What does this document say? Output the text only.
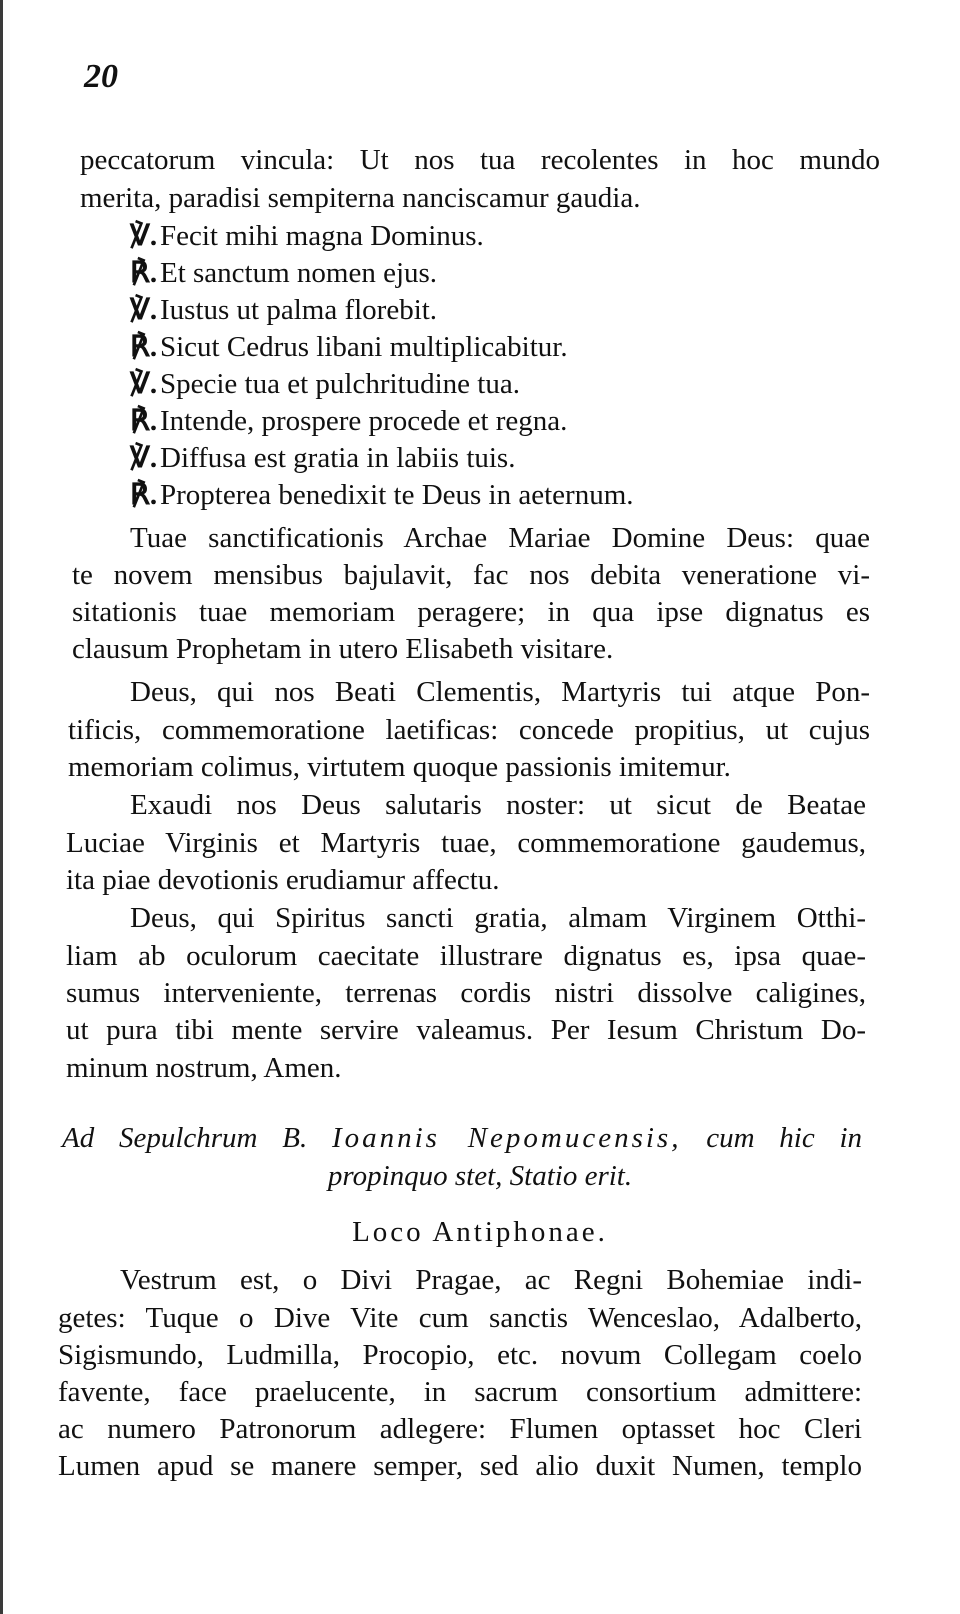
20
peccatorum vincula: Ut nos tua recolentes in hoc mundo
merita, paradisi sempiterna nanciscamur gaudia.
℣. Fecit mihi magna Dominus.
℟. Et sanctum nomen ejus.
℣. Iustus ut palma florebit.
℟. Sicut Cedrus libani multiplicabitur.
℣. Specie tua et pulchritudine tua.
℟. Intende, prospere procede et regna.
℣. Diffusa est gratia in labiis tuis.
℟. Propterea benedixit te Deus in aeternum.
Tuae sanctificationis Archae Mariae Domine Deus: quae
te novem mensibus bajulavit, fac nos debita veneratione vi-
sitationis tuae memoriam peragere; in qua ipse dignatus es
clausum Prophetam in utero Elisabeth visitare.
Deus, qui nos Beati Clementis, Martyris tui atque Pon-
tificis, commemoratione laetificas: concede propitius, ut cujus
memoriam colimus, virtutem quoque passionis imitemur.
Exaudi nos Deus salutaris noster: ut sicut de Beatae
Luciae Virginis et Martyris tuae, commemoratione gaudemus,
ita piae devotionis erudiamur affectu.
Deus, qui Spiritus sancti gratia, almam Virginem Otthi-
liam ab oculorum caecitate illustrare dignatus es, ipsa quae-
sumus interveniente, terrenas cordis nistri dissolve caligines,
ut pura tibi mente servire valeamus. Per Iesum Christum Do-
minum nostrum, Amen.
Ad Sepulchrum B. Ioannis Nepomucensis, cum hic in
propinquo stet, Statio erit.
Loco Antiphonae.
Vestrum est, o Divi Pragae, ac Regni Bohemiae indi-
getes: Tuque o Dive Vite cum sanctis Wenceslao, Adalberto,
Sigismundo, Ludmilla, Procopio, etc. novum Collegam coelo
favente, face praelucente, in sacrum consortium admittere:
ac numero Patronorum adlegere: Flumen optasset hoc Cleri
Lumen apud se manere semper, sed alio duxit Numen, templo
